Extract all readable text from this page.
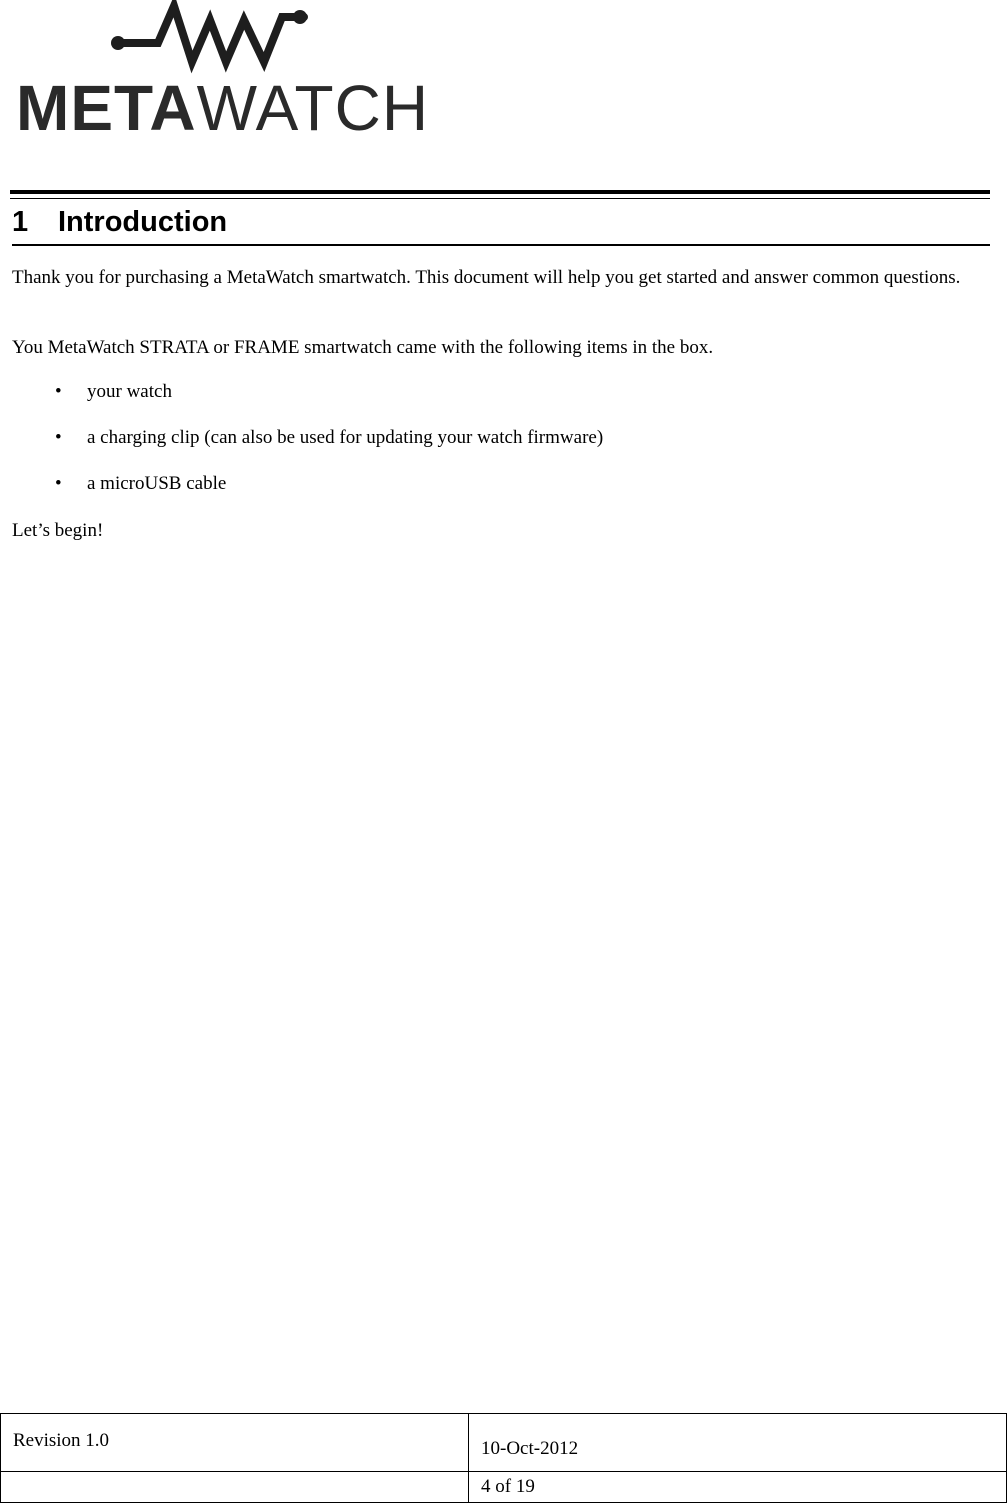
METAWATCH
1 Introduction
Thank you for purchasing a MetaWatch smartwatch. This document will help you get started and answer common questions.
You MetaWatch STRATA or FRAME smartwatch came with the following items in the box.
• your watch
• a charging clip (can also be used for updating your watch firmware)
• a microUSB cable
Let’s begin!
Revision 1.0	10-Oct-2012

	4 of 19
